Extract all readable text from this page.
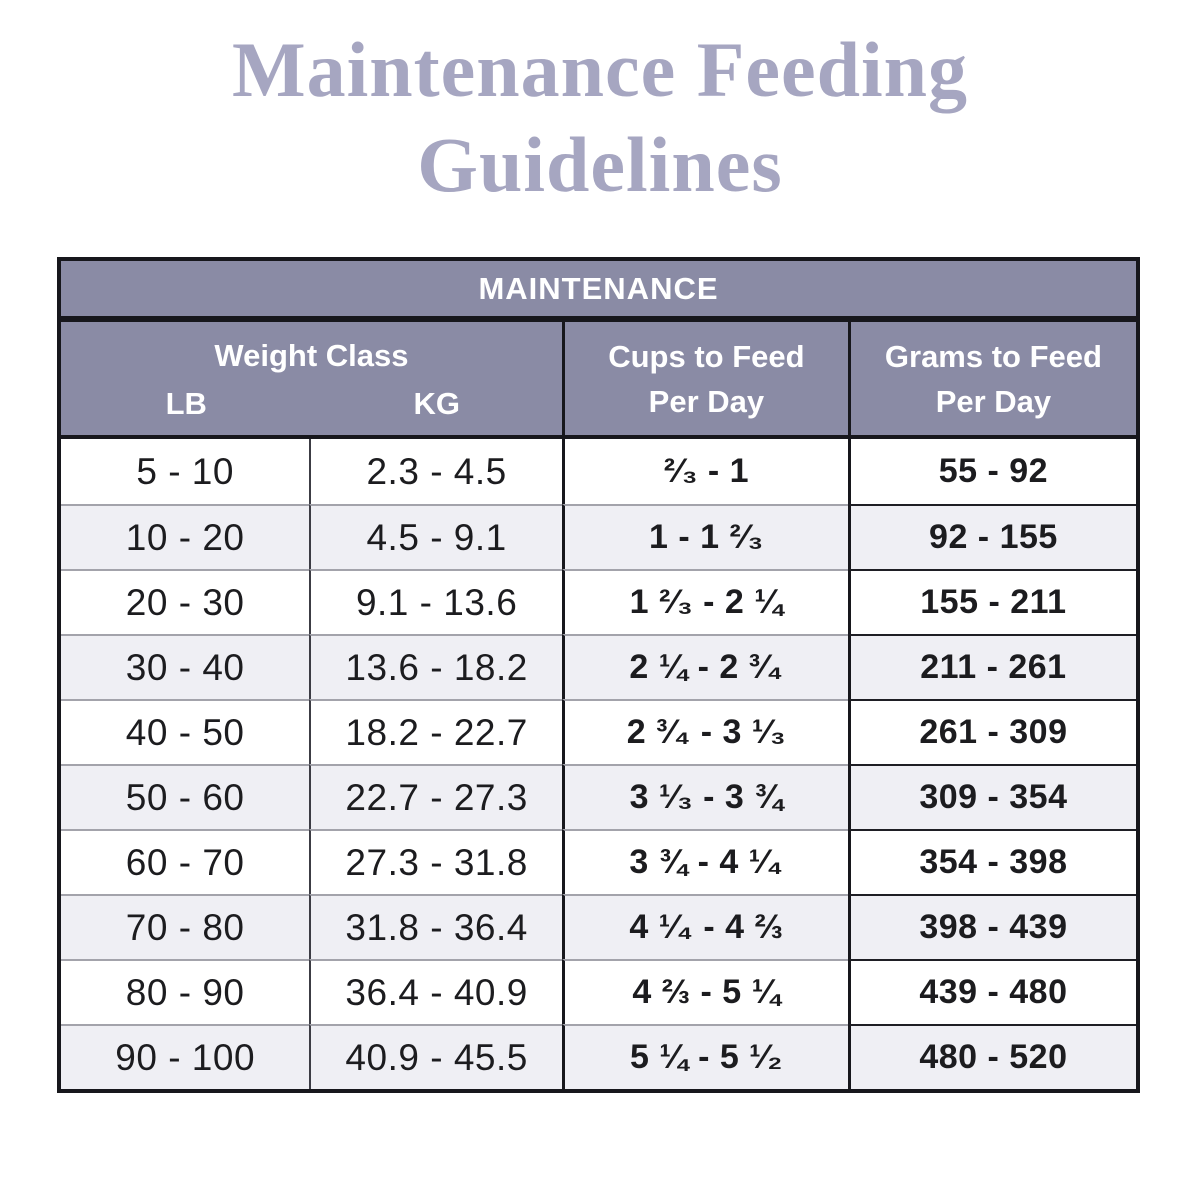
Maintenance Feeding
Guidelines
MAINTENANCE
Weight Class
LB	KG
Cups to Feed Per Day
Grams to Feed Per Day
5 - 10	2.3 - 4.5	²⁄₃ - 1	55 - 92
10 - 20	4.5 - 9.1	1 - 1 ²⁄₃	92 - 155
20 - 30	9.1 - 13.6	1 ²⁄₃ - 2 ¼	155 - 211
30 - 40	13.6 - 18.2	2 ¼ - 2 ³⁄₄	211 - 261
40 - 50	18.2 - 22.7	2 ³⁄₄ - 3 ¹⁄₃	261 - 309
50 - 60	22.7 - 27.3	3 ¹⁄₃ - 3 ¾	309 - 354
60 - 70	27.3 - 31.8	3 ¾ - 4 ¹⁄₄	354 - 398
70 - 80	31.8 - 36.4	4 ¹⁄₄ - 4 ⅔	398 - 439
80 - 90	36.4 - 40.9	4 ⅔ - 5 ¼	439 - 480
90 - 100	40.9 - 45.5	5 ¼ - 5 ¹⁄₂	480 - 520
